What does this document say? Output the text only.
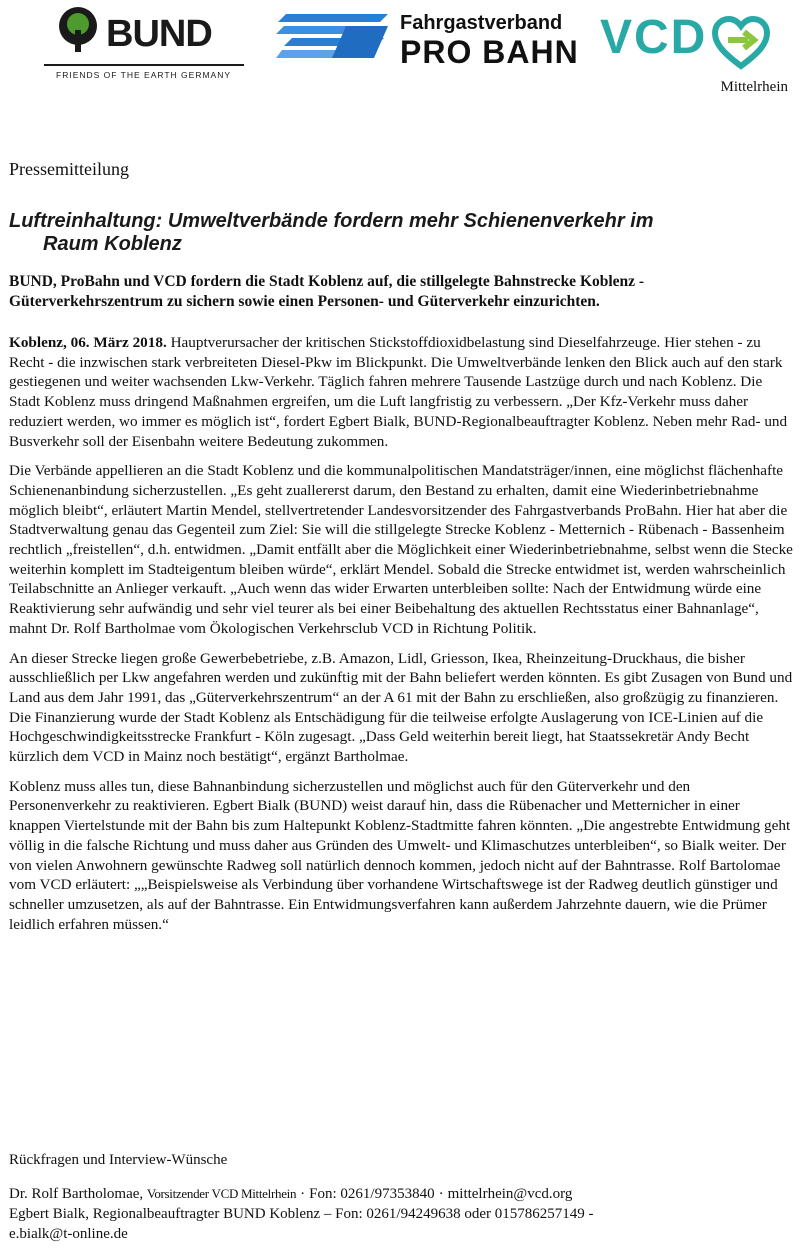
BUND
FRIENDS OF THE EARTH GERMANY
Fahrgastverband
PRO BAHN VCD
Mittelrhein
Pressemitteilung
Luftreinhaltung: Umweltverbände fordern mehr Schienenverkehr im
Raum Koblenz
BUND, ProBahn und VCD fordern die Stadt Koblenz auf, die stillgelegte Bahnstrecke Koblenz - Güterverkehrszentrum zu sichern sowie einen Personen- und Güterverkehr einzurichten.

Koblenz, 06. März 2018. Hauptverursacher der kritischen Stickstoffdioxidbelastung sind Dieselfahrzeuge. Hier stehen - zu Recht - die inzwischen stark verbreiteten Diesel-Pkw im Blickpunkt. Die Umweltverbände lenken den Blick auch auf den stark gestiegenen und weiter wachsenden Lkw-Verkehr. Täglich fahren mehrere Tausende Lastzüge durch und nach Koblenz. Die Stadt Koblenz muss dringend Maßnahmen ergreifen, um die Luft langfristig zu verbessern. „Der Kfz-Verkehr muss daher reduziert werden, wo immer es möglich ist“, fordert Egbert Bialk, BUND-Regionalbeauftragter Koblenz. Neben mehr Rad- und Busverkehr soll der Eisenbahn weitere Bedeutung zukommen.

Die Verbände appellieren an die Stadt Koblenz und die kommunalpolitischen Mandatsträger/innen, eine möglichst flächenhafte Schienenanbindung sicherzustellen. „Es geht zuallererst darum, den Bestand zu erhalten, damit eine Wiederinbetriebnahme möglich bleibt“, erläutert Martin Mendel, stellvertretender Landesvorsitzender des Fahrgastverbands ProBahn. Hier hat aber die Stadtverwaltung genau das Gegenteil zum Ziel: Sie will die stillgelegte Strecke Koblenz - Metternich - Rübenach - Bassenheim rechtlich „freistellen“, d.h. entwidmen. „Damit entfällt aber die Möglichkeit einer Wiederinbetriebnahme, selbst wenn die Stecke weiterhin komplett im Stadteigentum bleiben würde“, erklärt Mendel. Sobald die Strecke entwidmet ist, werden wahrscheinlich Teilabschnitte an Anlieger verkauft. „Auch wenn das wider Erwarten unterbleiben sollte: Nach der Entwidmung würde eine Reaktivierung sehr aufwändig und sehr viel teurer als bei einer Beibehaltung des aktuellen Rechtsstatus einer Bahnanlage“, mahnt Dr. Rolf Bartholmae vom Ökologischen Verkehrsclub VCD in Richtung Politik.

An dieser Strecke liegen große Gewerbebetriebe, z.B. Amazon, Lidl, Griesson, Ikea, Rheinzeitung-Druckhaus, die bisher ausschließlich per Lkw angefahren werden und zukünftig mit der Bahn beliefert werden könnten. Es gibt Zusagen von Bund und Land aus dem Jahr 1991, das „Güterverkehrszentrum“ an der A 61 mit der Bahn zu erschließen, also großzügig zu finanzieren. Die Finanzierung wurde der Stadt Koblenz als Entschädigung für die teilweise erfolgte Auslagerung von ICE-Linien auf die Hochgeschwindigkeitsstrecke Frankfurt - Köln zugesagt. „Dass Geld weiterhin bereit liegt, hat Staatssekretär Andy Becht kürzlich dem VCD in Mainz noch bestätigt“, ergänzt Bartholmae.

Koblenz muss alles tun, diese Bahnanbindung sicherzustellen und möglichst auch für den Güterverkehr und den Personenverkehr zu reaktivieren. Egbert Bialk (BUND) weist darauf hin, dass die Rübenacher und Metternicher in einer knappen Viertelstunde mit der Bahn bis zum Haltepunkt Koblenz-Stadtmitte fahren könnten. „Die angestrebte Entwidmung geht völlig in die falsche Richtung und muss daher aus Gründen des Umwelt- und Klimaschutzes unterbleiben“, so Bialk weiter. Der von vielen Anwohnern gewünschte Radweg soll natürlich dennoch kommen, jedoch nicht auf der Bahntrasse. Rolf Bartolomae vom VCD erläutert: „„Beispielsweise als Verbindung über vorhandene Wirtschaftswege ist der Radweg deutlich günstiger und schneller umzusetzen, als auf der Bahntrasse. Ein Entwidmungsverfahren kann außerdem Jahrzehnte dauern, wie die Prümer leidlich erfahren müssen.“

Rückfragen und Interview-Wünsche
Dr. Rolf Bartholomae, Vorsitzender VCD Mittelrhein · Fon: 0261/97353840 · mittelrhein@vcd.org
Egbert Bialk, Regionalbeauftragter BUND Koblenz – Fon: 0261/94249638 oder 015786257149 -
e.bialk@t-online.de
